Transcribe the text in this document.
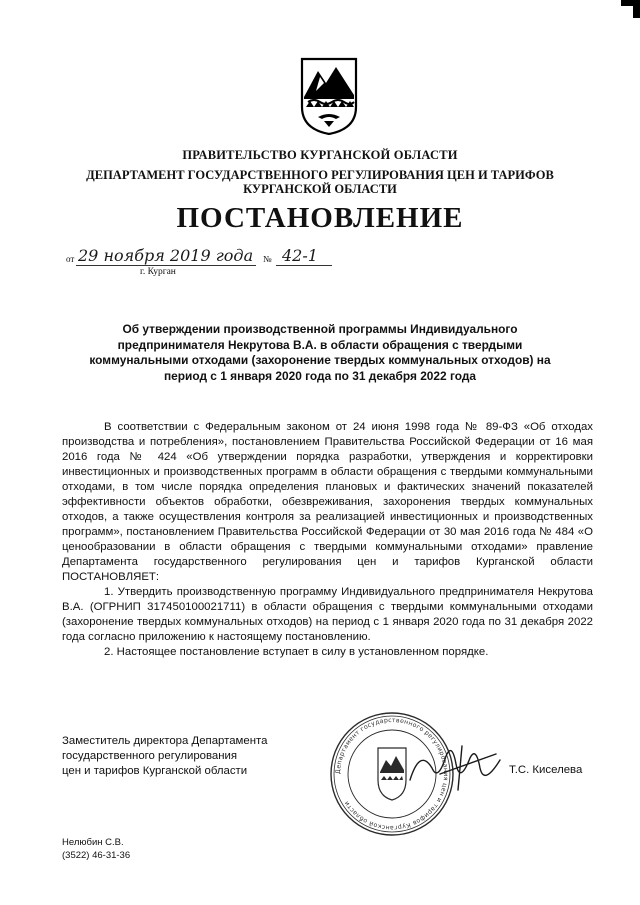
ПРАВИТЕЛЬСТВО КУРГАНСКОЙ ОБЛАСТИ
ДЕПАРТАМЕНТ ГОСУДАРСТВЕННОГО РЕГУЛИРОВАНИЯ ЦЕН И ТАРИФОВ
КУРГАНСКОЙ ОБЛАСТИ
ПОСТАНОВЛЕНИЕ
от 29 ноября 2019 года № 42-1
г. Курган
Об утверждении производственной программы Индивидуального
предпринимателя Некрутова В.А. в области обращения с твердыми
коммунальными отходами (захоронение твердых коммунальных отходов) на
период с 1 января 2020 года по 31 декабря 2022 года

В соответствии с Федеральным законом от 24 июня 1998 года № 89-ФЗ «Об отходах производства и потребления», постановлением Правительства Российской Федерации от 16 мая 2016 года № 424 «Об утверждении порядка разработки, утверждения и корректировки инвестиционных и производственных программ в области обращения с твердыми коммунальными отходами, в том числе порядка определения плановых и фактических значений показателей эффективности объектов обработки, обезвреживания, захоронения твердых коммунальных отходов, а также осуществления контроля за реализацией инвестиционных и производственных программ», постановлением Правительства Российской Федерации от 30 мая 2016 года № 484 «О ценообразовании в области обращения с твердыми коммунальными отходами» правление Департамента государственного регулирования цен и тарифов Курганской области ПОСТАНОВЛЯЕТ:

1. Утвердить производственную программу Индивидуального предпринимателя Некрутова В.А. (ОГРНИП 317450100021711) в области обращения с твердыми коммунальными отходами (захоронение твердых коммунальных отходов) на период с 1 января 2020 года по 31 декабря 2022 года согласно приложению к настоящему постановлению.

2. Настоящее постановление вступает в силу в установленном порядке.

Заместитель директора Департамента
государственного регулирования
цен и тарифов Курганской области	Департамент государственного регулирования цен и тарифов Курганской области
Т.С. Киселева
Нелюбин С.В.
(3522) 46-31-36
